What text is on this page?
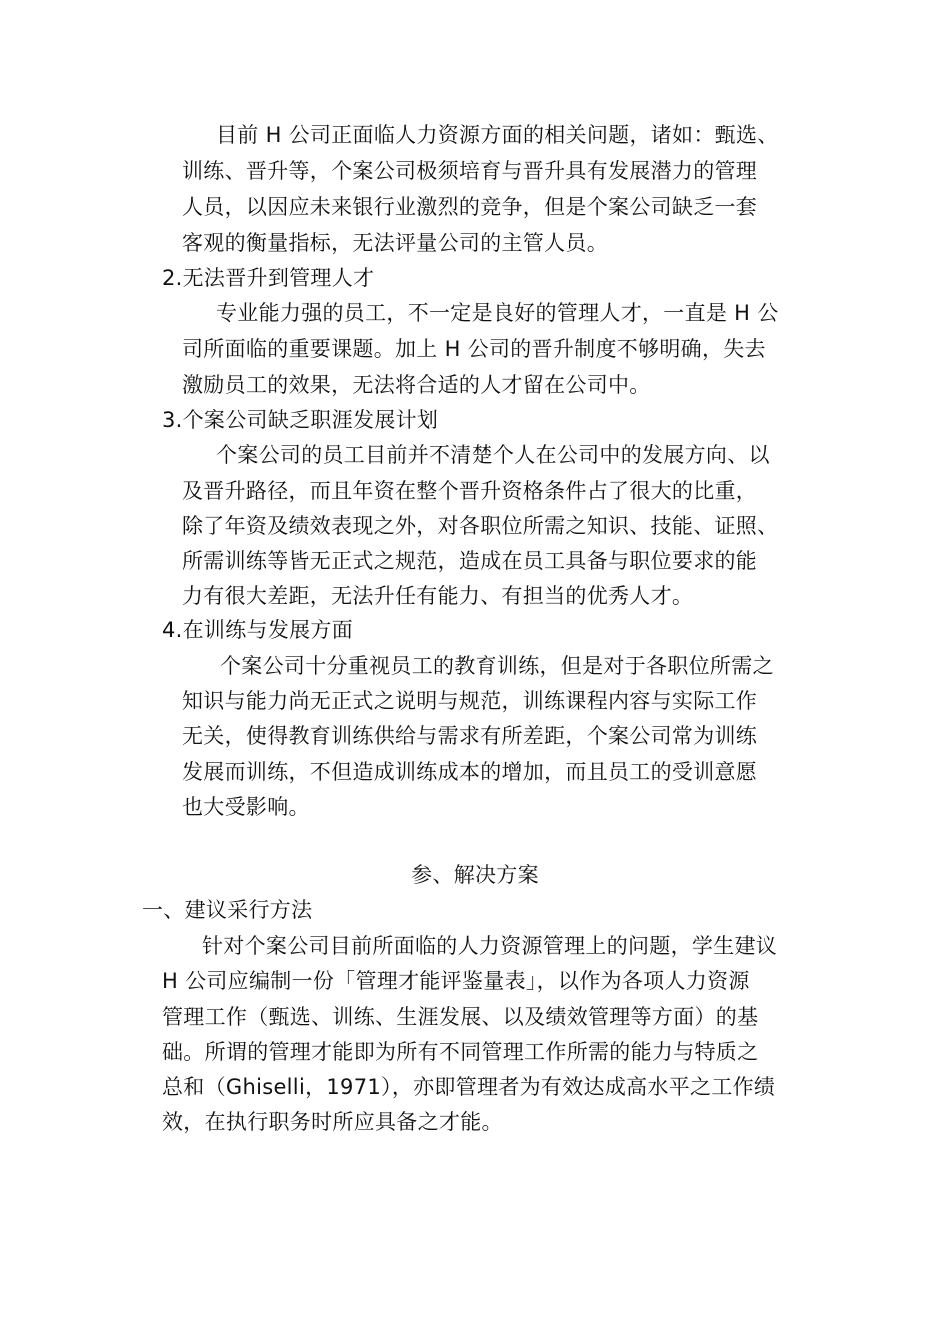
目前 H 公司正面临人力资源方面的相关问题，诸如：甄选、
训练、晋升等，个案公司极须培育与晋升具有发展潜力的管理
人员，以因应未来银行业激烈的竞争，但是个案公司缺乏一套
客观的衡量指标，无法评量公司的主管人员。
2.无法晋升到管理人才
专业能力强的员工，不一定是良好的管理人才，一直是 H 公
司所面临的重要课题。加上 H 公司的晋升制度不够明确，失去
激励员工的效果，无法将合适的人才留在公司中。
3.个案公司缺乏职涯发展计划
个案公司的员工目前并不清楚个人在公司中的发展方向、以
及晋升路径，而且年资在整个晋升资格条件占了很大的比重，
除了年资及绩效表现之外，对各职位所需之知识、技能、证照、
所需训练等皆无正式之规范，造成在员工具备与职位要求的能
力有很大差距，无法升任有能力、有担当的优秀人才。
4.在训练与发展方面
个案公司十分重视员工的教育训练，但是对于各职位所需之
知识与能力尚无正式之说明与规范，训练课程内容与实际工作
无关，使得教育训练供给与需求有所差距，个案公司常为训练
发展而训练，不但造成训练成本的增加，而且员工的受训意愿
也大受影响。
参、解决方案
一、建议采行方法
针对个案公司目前所面临的人力资源管理上的问题，学生建议
H 公司应编制一份「管理才能评鉴量表」，以作为各项人力资源
管理工作（甄选、训练、生涯发展、以及绩效管理等方面）的基
础。所谓的管理才能即为所有不同管理工作所需的能力与特质之
总和（Ghiselli，1971），亦即管理者为有效达成高水平之工作绩
效，在执行职务时所应具备之才能。
